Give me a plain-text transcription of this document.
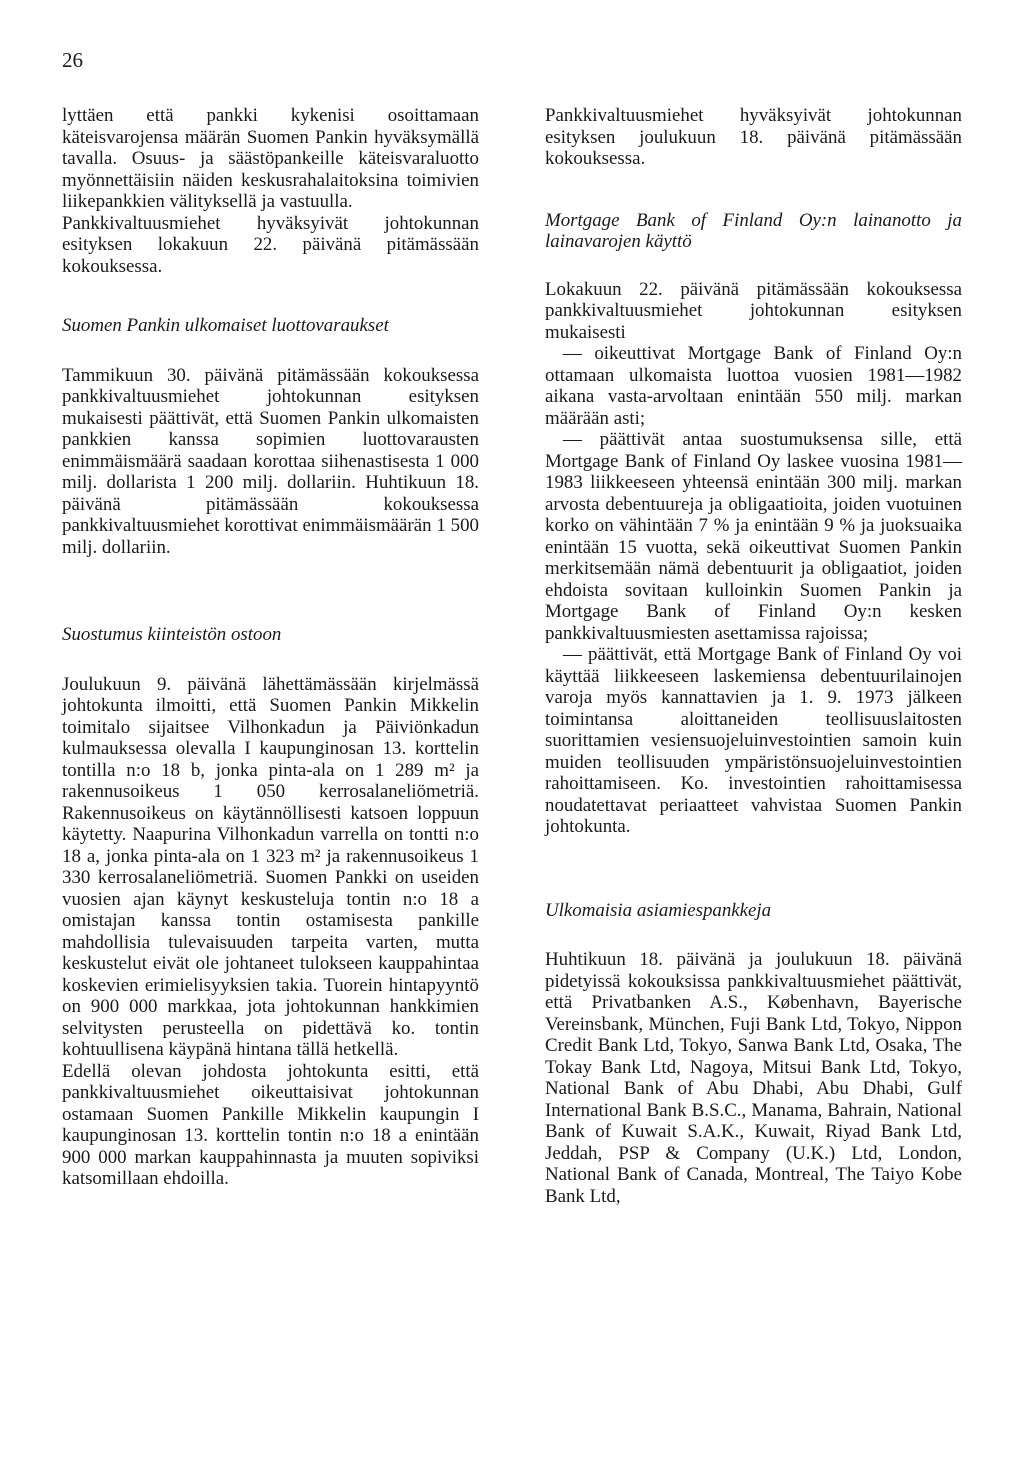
26

lyttäen että pankki kykenisi osoittamaan käteisvarojensa määrän Suomen Pankin hyväksymällä tavalla. Osuus- ja säästöpankeille käteisvaraluotto myönnettäisiin näiden keskusrahalaitoksina toimivien liikepankkien välityksellä ja vastuulla.

Pankkivaltuusmiehet hyväksyivät johtokunnan esityksen lokakuun 22. päivänä pitämässään kokouksessa.

Suomen Pankin ulkomaiset luottovaraukset

Tammikuun 30. päivänä pitämässään kokouksessa pankkivaltuusmiehet johtokunnan esityksen mukaisesti päättivät, että Suomen Pankin ulkomaisten pankkien kanssa sopimien luottovarausten enimmäismäärä saadaan korottaa siihenastisesta 1 000 milj. dollarista 1 200 milj. dollariin. Huhtikuun 18. päivänä pitämässään kokouksessa pankkivaltuusmiehet korottivat enimmäismäärän 1 500 milj. dollariin.

Suostumus kiinteistön ostoon

Joulukuun 9. päivänä lähettämässään kirjelmässä johtokunta ilmoitti, että Suomen Pankin Mikkelin toimitalo sijaitsee Vilhonkadun ja Päiviönkadun kulmauksessa olevalla I kaupunginosan 13. korttelin tontilla n:o 18 b, jonka pinta-ala on 1 289 m² ja rakennusoikeus 1 050 kerrosalaneliömetriä. Rakennusoikeus on käytännöllisesti katsoen loppuun käytetty. Naapurina Vilhonkadun varrella on tontti n:o 18 a, jonka pinta-ala on 1 323 m² ja rakennusoikeus 1 330 kerrosalaneliömetriä. Suomen Pankki on useiden vuosien ajan käynyt keskusteluja tontin n:o 18 a omistajan kanssa tontin ostamisesta pankille mahdollisia tulevaisuuden tarpeita varten, mutta keskustelut eivät ole johtaneet tulokseen kauppahintaa koskevien erimielisyyksien takia. Tuorein hintapyyntö on 900 000 markkaa, jota johtokunnan hankkimien selvitysten perusteella on pidettävä ko. tontin kohtuullisena käypänä hintana tällä hetkellä.

Edellä olevan johdosta johtokunta esitti, että pankkivaltuusmiehet oikeuttaisivat johtokunnan ostamaan Suomen Pankille Mikkelin kaupungin I kaupunginosan 13. korttelin tontin n:o 18 a enintään 900 000 markan kauppahinnasta ja muuten sopiviksi katsomillaan ehdoilla.

Pankkivaltuusmiehet hyväksyivät johtokunnan esityksen joulukuun 18. päivänä pitämässään kokouksessa.

Mortgage Bank of Finland Oy:n lainanotto ja lainavarojen käyttö

Lokakuun 22. päivänä pitämässään kokouksessa pankkivaltuusmiehet johtokunnan esityksen mukaisesti

— oikeuttivat Mortgage Bank of Finland Oy:n ottamaan ulkomaista luottoa vuosien 1981—1982 aikana vasta-arvoltaan enintään 550 milj. markan määrään asti;

— päättivät antaa suostumuksensa sille, että Mortgage Bank of Finland Oy laskee vuosina 1981—1983 liikkeeseen yhteensä enintään 300 milj. markan arvosta debentuureja ja obligaatioita, joiden vuotuinen korko on vähintään 7 % ja enintään 9 % ja juoksuaika enintään 15 vuotta, sekä oikeuttivat Suomen Pankin merkitsemään nämä debentuurit ja obligaatiot, joiden ehdoista sovitaan kulloinkin Suomen Pankin ja Mortgage Bank of Finland Oy:n kesken pankkivaltuusmiesten asettamissa rajoissa;

— päättivät, että Mortgage Bank of Finland Oy voi käyttää liikkeeseen laskemiensa debentuurilainojen varoja myös kannattavien ja 1. 9. 1973 jälkeen toimintansa aloittaneiden teollisuuslaitosten suorittamien vesiensuojeluinvestointien samoin kuin muiden teollisuuden ympäristönsuojeluinvestointien rahoittamiseen. Ko. investointien rahoittamisessa noudatettavat periaatteet vahvistaa Suomen Pankin johtokunta.

Ulkomaisia asiamiespankkeja

Huhtikuun 18. päivänä ja joulukuun 18. päivänä pidetyissä kokouksissa pankkivaltuusmiehet päättivät, että Privatbanken A.S., København, Bayerische Vereinsbank, München, Fuji Bank Ltd, Tokyo, Nippon Credit Bank Ltd, Tokyo, Sanwa Bank Ltd, Osaka, The Tokay Bank Ltd, Nagoya, Mitsui Bank Ltd, Tokyo, National Bank of Abu Dhabi, Abu Dhabi, Gulf International Bank B.S.C., Manama, Bahrain, National Bank of Kuwait S.A.K., Kuwait, Riyad Bank Ltd, Jeddah, PSP & Company (U.K.) Ltd, London, National Bank of Canada, Montreal, The Taiyo Kobe Bank Ltd,
